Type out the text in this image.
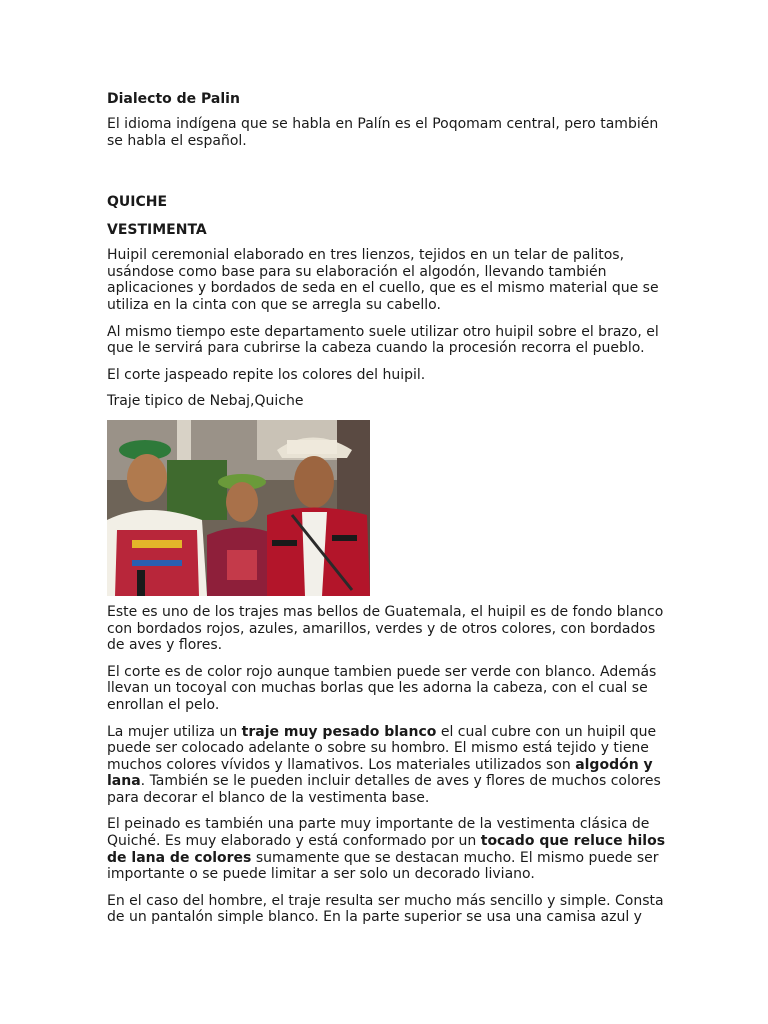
Dialecto de Palin

El idioma indígena que se habla en Palín es el Poqomam central, pero también se habla el español.

QUICHE
VESTIMENTA

Huipil ceremonial elaborado en tres lienzos, tejidos en un telar de palitos, usándose como base para su elaboración el algodón, llevando también aplicaciones y bordados de seda en el cuello, que es el mismo material que se utiliza en la cinta con que se arregla su cabello.

Al mismo tiempo este departamento suele utilizar otro huipil sobre el brazo, el que le servirá para cubrirse la cabeza cuando la procesión recorra el pueblo.

El corte jaspeado repite los colores del huipil.

Traje tipico de Nebaj,Quiche

Este es uno de los trajes mas bellos de Guatemala, el huipil es de fondo blanco con bordados rojos, azules, amarillos, verdes y de otros colores, con bordados de aves y flores.

El corte es de color rojo aunque tambien puede ser verde con blanco. Además llevan un tocoyal con muchas borlas que les adorna la cabeza, con el cual se enrollan el pelo.

La mujer utiliza un traje muy pesado blanco el cual cubre con un huipil que puede ser colocado adelante o sobre su hombro. El mismo está tejido y tiene muchos colores vívidos y llamativos. Los materiales utilizados son algodón y lana. También se le pueden incluir detalles de aves y flores de muchos colores para decorar el blanco de la vestimenta base.

El peinado es también una parte muy importante de la vestimenta clásica de Quiché. Es muy elaborado y está conformado por un tocado que reluce hilos de lana de colores sumamente que se destacan mucho. El mismo puede ser importante o se puede limitar a ser solo un decorado liviano.

En el caso del hombre, el traje resulta ser mucho más sencillo y simple. Consta de un pantalón simple blanco. En la parte superior se usa una camisa azul y
